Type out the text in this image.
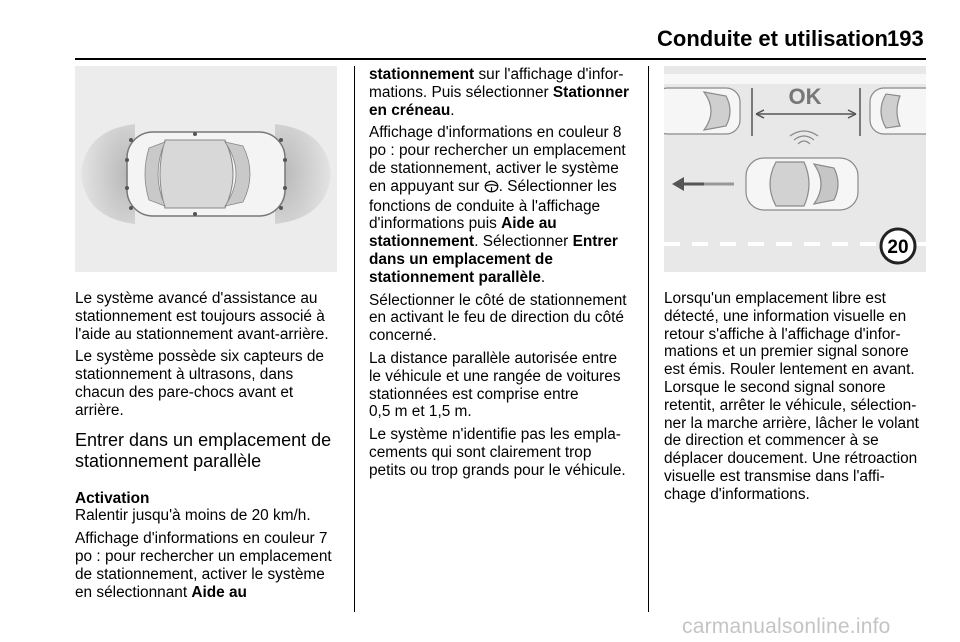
Conduite et utilisation 193

Le système avancé d'assistance au
stationnement est toujours associé à
l'aide au stationnement avant-arrière.

Le système possède six capteurs de
stationnement à ultrasons, dans
chacun des pare-chocs avant et
arrière.

Entrer dans un emplacement de
stationnement parallèle
Activation

Ralentir jusqu'à moins de 20 km/h.

Affichage d'informations en couleur 7
po : pour rechercher un emplacement
de stationnement, activer le système
en sélectionnant Aide au

stationnement sur l'affichage d'infor-
mations. Puis sélectionner Stationner
en créneau.

Affichage d'informations en couleur 8
po : pour rechercher un emplacement
de stationnement, activer le système
en appuyant sur . Sélectionner les
fonctions de conduite à l'affichage
d'informations puis Aide au
stationnement. Sélectionner Entrer
dans un emplacement de
stationnement parallèle.

Sélectionner le côté de stationnement
en activant le feu de direction du côté
concerné.

La distance parallèle autorisée entre
le véhicule et une rangée de voitures
stationnées est comprise entre
0,5 m et 1,5 m.

Le système n'identifie pas les empla-
cements qui sont clairement trop
petits ou trop grands pour le véhicule.

OK
20

Lorsqu'un emplacement libre est
détecté, une information visuelle en
retour s'affiche à l'affichage d'infor-
mations et un premier signal sonore
est émis. Rouler lentement en avant.
Lorsque le second signal sonore
retentit, arrêter le véhicule, sélection-
ner la marche arrière, lâcher le volant
de direction et commencer à se
déplacer doucement. Une rétroaction
visuelle est transmise dans l'affi-
chage d'informations.

carmanualsonline.info
